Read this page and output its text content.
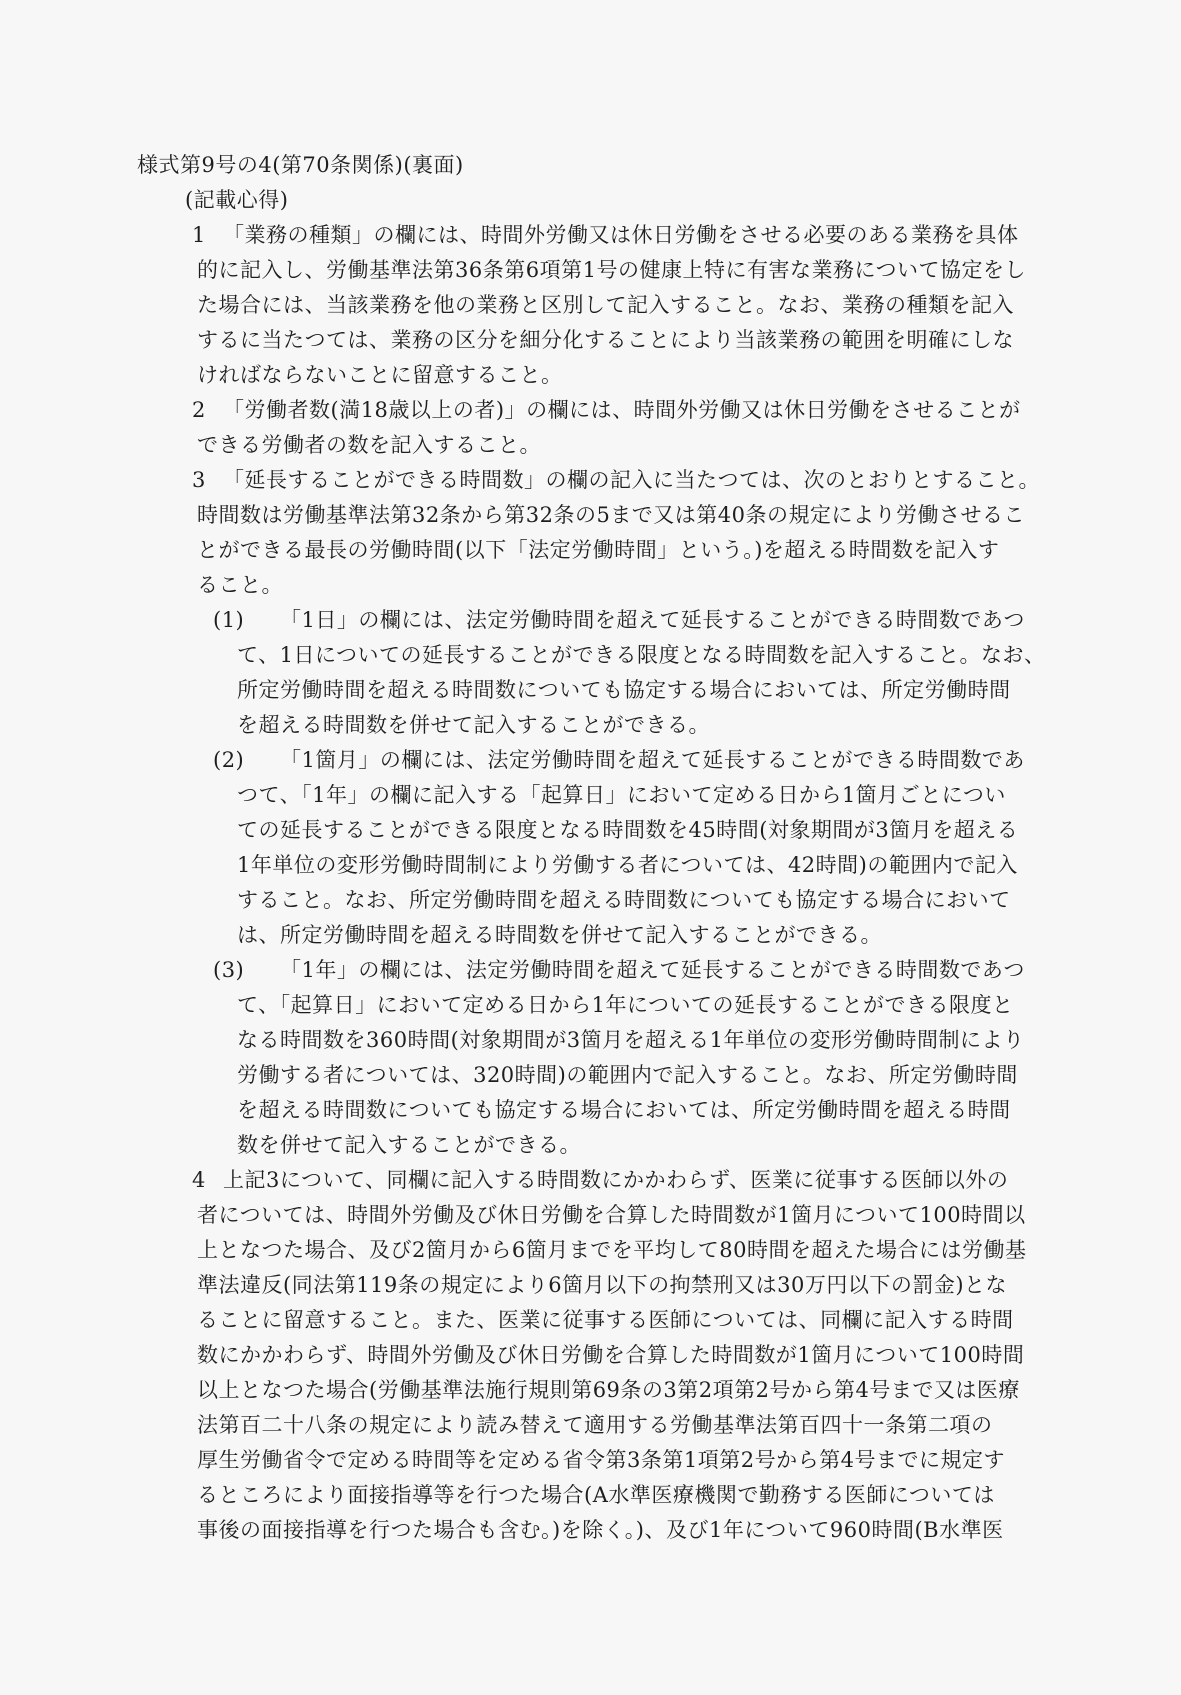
様式第9号の4(第70条関係)(裏面)
(記載心得)
1 「業務の種類」の欄には、時間外労働又は休日労働をさせる必要のある業務を具体
的に記入し、労働基準法第36条第6項第1号の健康上特に有害な業務について協定をし
た場合には、当該業務を他の業務と区別して記入すること。なお、業務の種類を記入
するに当たつては、業務の区分を細分化することにより当該業務の範囲を明確にしな
ければならないことに留意すること。
2 「労働者数(満18歳以上の者)」の欄には、時間外労働又は休日労働をさせることが
できる労働者の数を記入すること。
3 「延長することができる時間数」の欄の記入に当たつては、次のとおりとすること。
時間数は労働基準法第32条から第32条の5まで又は第40条の規定により労働させるこ
とができる最長の労働時間(以下「法定労働時間」という。)を超える時間数を記入す
ること。
(1) 「1日」の欄には、法定労働時間を超えて延長することができる時間数であつ
て、1日についての延長することができる限度となる時間数を記入すること。なお、
所定労働時間を超える時間数についても協定する場合においては、所定労働時間
を超える時間数を併せて記入することができる。
(2) 「1箇月」の欄には、法定労働時間を超えて延長することができる時間数であ
つて、「1年」の欄に記入する「起算日」において定める日から1箇月ごとについ
ての延長することができる限度となる時間数を45時間(対象期間が3箇月を超える
1年単位の変形労働時間制により労働する者については、42時間)の範囲内で記入
すること。なお、所定労働時間を超える時間数についても協定する場合において
は、所定労働時間を超える時間数を併せて記入することができる。
(3) 「1年」の欄には、法定労働時間を超えて延長することができる時間数であつ
て、「起算日」において定める日から1年についての延長することができる限度と
なる時間数を360時間(対象期間が3箇月を超える1年単位の変形労働時間制により
労働する者については、320時間)の範囲内で記入すること。なお、所定労働時間
を超える時間数についても協定する場合においては、所定労働時間を超える時間
数を併せて記入することができる。
4 上記3について、同欄に記入する時間数にかかわらず、医業に従事する医師以外の
者については、時間外労働及び休日労働を合算した時間数が1箇月について100時間以
上となつた場合、及び2箇月から6箇月までを平均して80時間を超えた場合には労働基
準法違反(同法第119条の規定により6箇月以下の拘禁刑又は30万円以下の罰金)とな
ることに留意すること。また、医業に従事する医師については、同欄に記入する時間
数にかかわらず、時間外労働及び休日労働を合算した時間数が1箇月について100時間
以上となつた場合(労働基準法施行規則第69条の3第2項第2号から第4号まで又は医療
法第百二十八条の規定により読み替えて適用する労働基準法第百四十一条第二項の
厚生労働省令で定める時間等を定める省令第3条第1項第2号から第4号までに規定す
るところにより面接指導等を行つた場合(A水準医療機関で勤務する医師については
事後の面接指導を行つた場合も含む。)を除く。)、及び1年について960時間(B水準医
